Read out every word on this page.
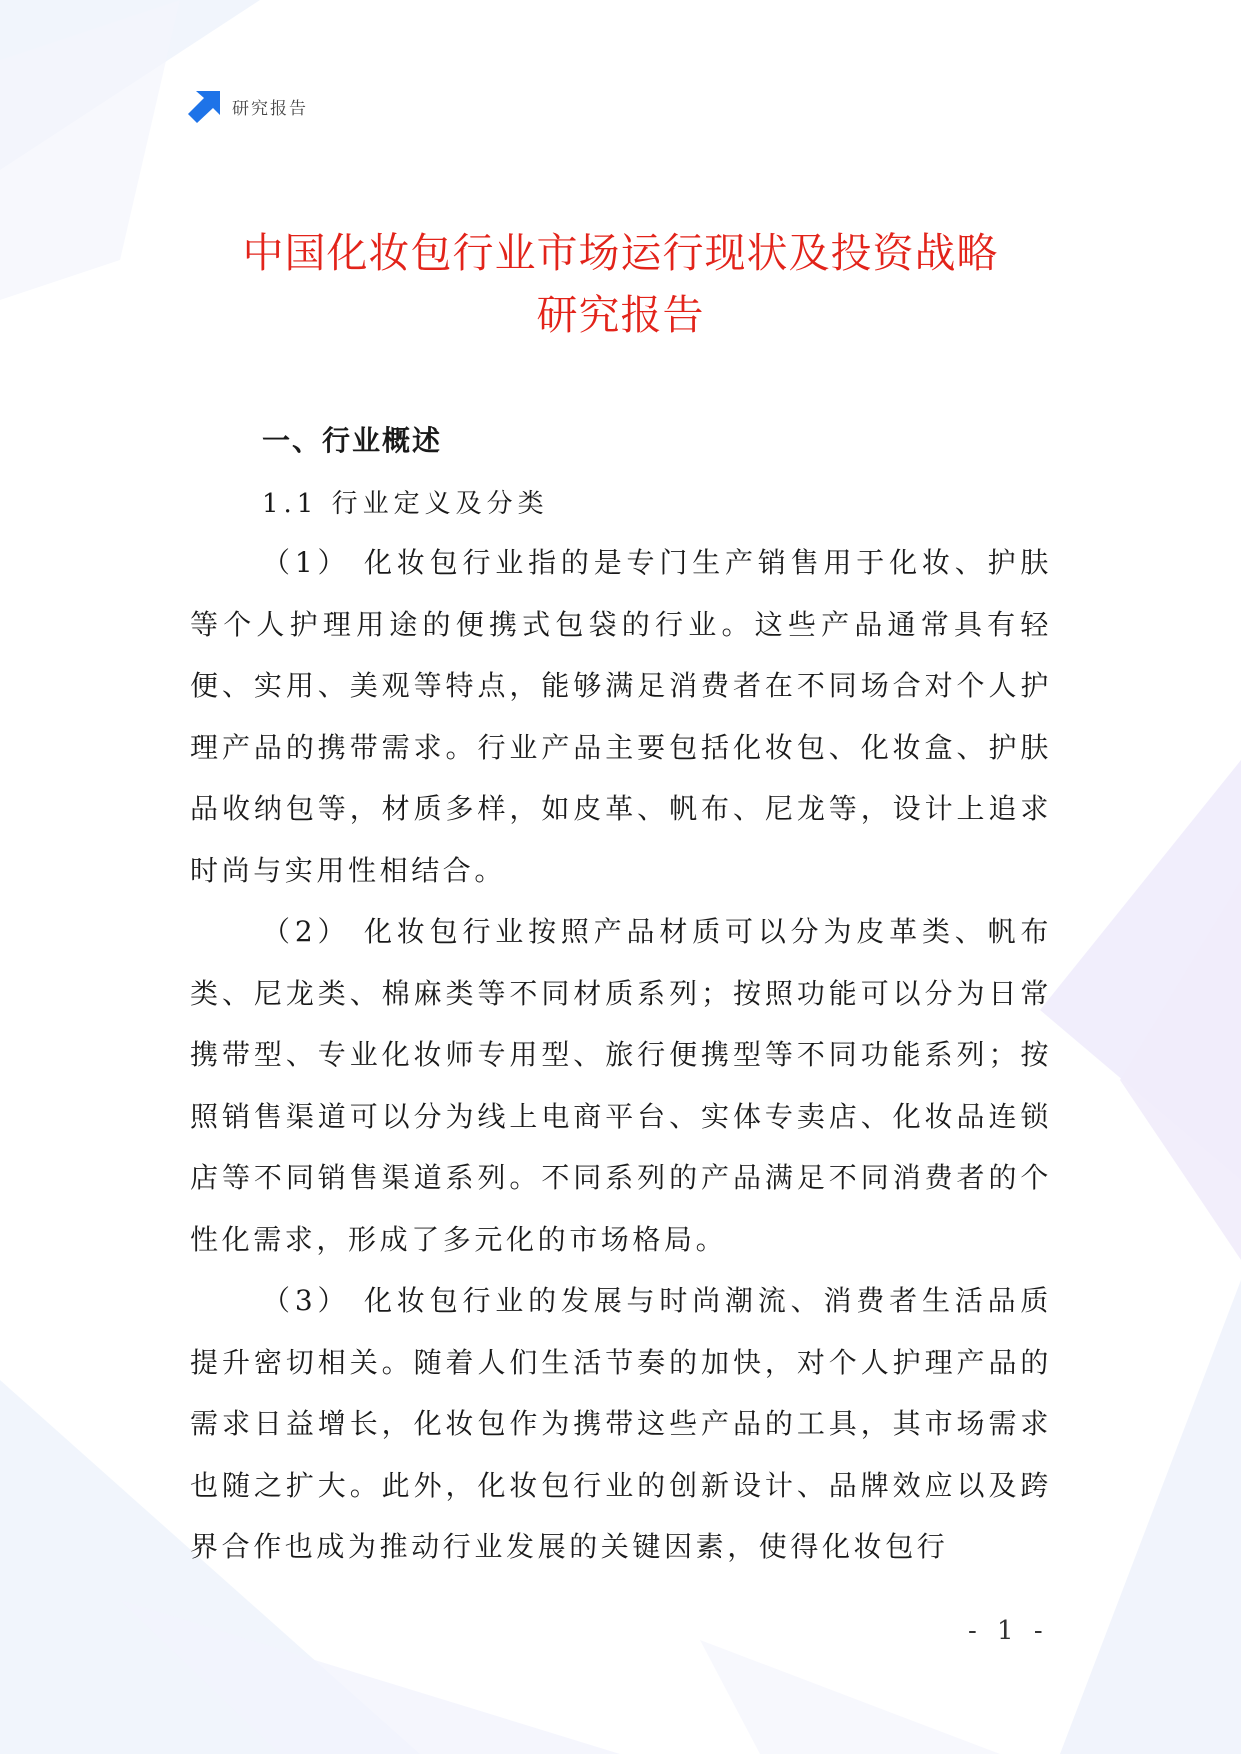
研究报告
中国化妆包行业市场运行现状及投资战略
研究报告
一、行业概述
1.1 行业定义及分类

（1） 化妆包行业指的是专门生产销售用于化妆、护肤等个人护理用途的便携式包袋的行业。这些产品通常具有轻便、实用、美观等特点，能够满足消费者在不同场合对个人护理产品的携带需求。行业产品主要包括化妆包、化妆盒、护肤品收纳包等，材质多样，如皮革、帆布、尼龙等，设计上追求时尚与实用性相结合。

（2） 化妆包行业按照产品材质可以分为皮革类、帆布类、尼龙类、棉麻类等不同材质系列；按照功能可以分为日常携带型、专业化妆师专用型、旅行便携型等不同功能系列；按照销售渠道可以分为线上电商平台、实体专卖店、化妆品连锁店等不同销售渠道系列。不同系列的产品满足不同消费者的个性化需求，形成了多元化的市场格局。

（3） 化妆包行业的发展与时尚潮流、消费者生活品质提升密切相关。随着人们生活节奏的加快，对个人护理产品的需求日益增长，化妆包作为携带这些产品的工具，其市场需求也随之扩大。此外，化妆包行业的创新设计、品牌效应以及跨界合作也成为推动行业发展的关键因素，使得化妆包行

- 1 -
